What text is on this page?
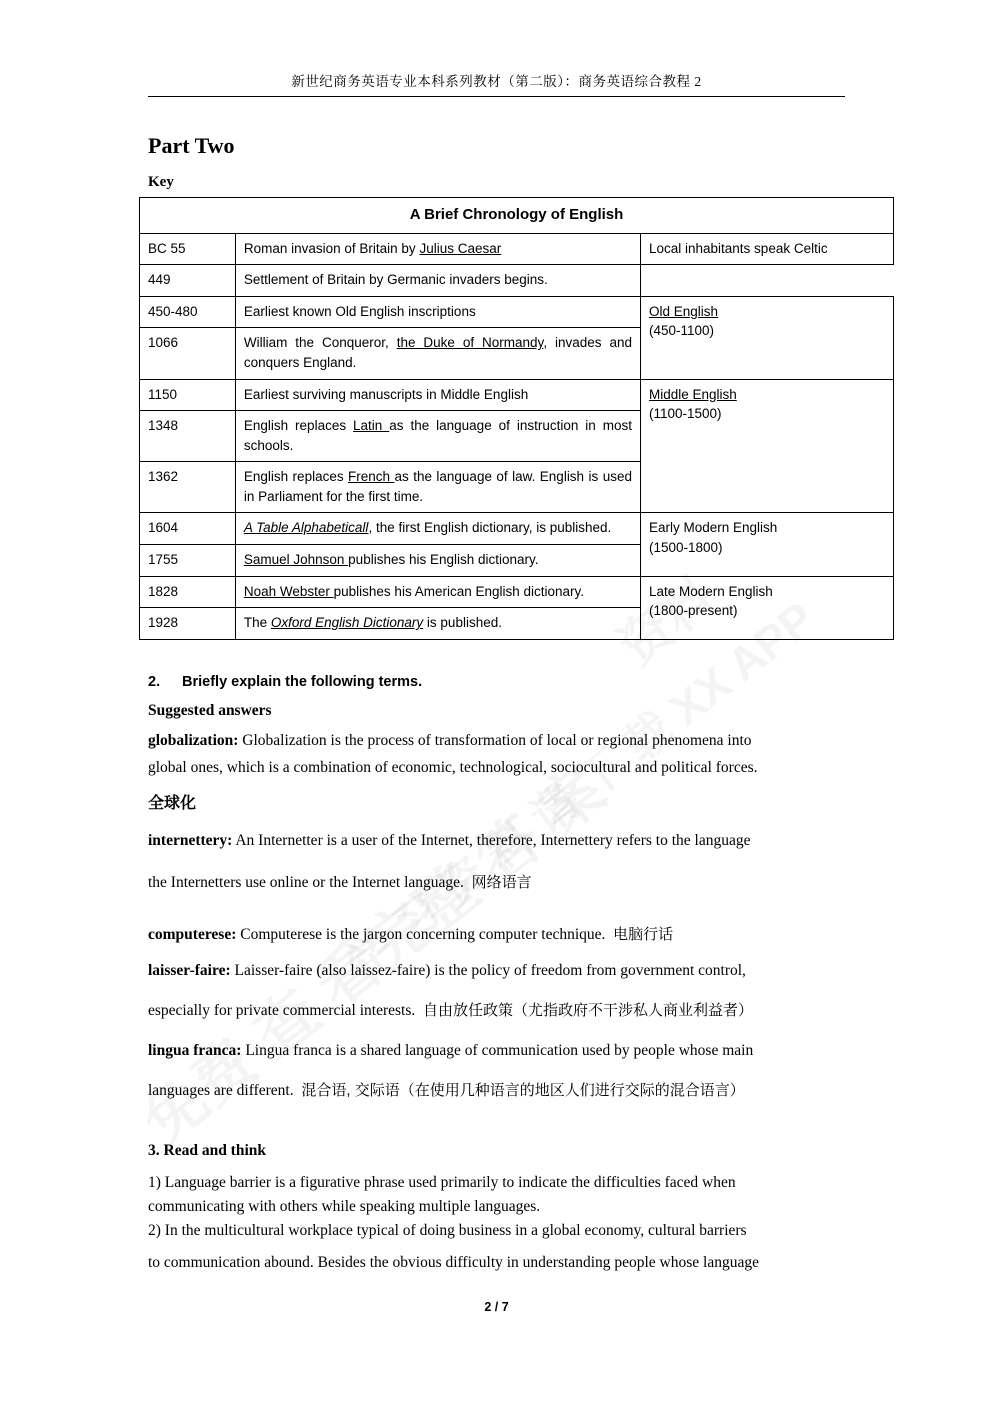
新世纪商务英语专业本科系列教材（第二版）：商务英语综合教程 2
Part Two
Key
A Brief Chronology of English		
BC 55	Roman invasion of Britain by Julius Caesar	Local inhabitants speak Celtic
449	Settlement of Britain by Germanic invaders begins.	
450-480	Earliest known Old English inscriptions	Old English
(450-1100)

1066	William the Conqueror, the Duke of Normandy, invades and conquers England.	
1150	Earliest surviving manuscripts in Middle English	Middle English
(1100-1500)

1348	English replaces Latin as the language of instruction in most schools.	
1362	English replaces French as the language of law. English is used in Parliament for the first time.	
1604	A Table Alphabeticall, the first English dictionary, is published.	Early Modern English
(1500-1800)

1755	Samuel Johnson publishes his English dictionary.	
1828	Noah Webster publishes his American English dictionary.	Late Modern English
(1800-present)

1928	The Oxford English Dictionary is published.	
2. Briefly explain the following terms.
Suggested answers
globalization: Globalization is the process of transformation of local or regional phenomena into
global ones, which is a combination of economic, technological, sociocultural and political forces.
全球化
internettery: An Internetter is a user of the Internet, therefore, Internettery refers to the language
the Internetters use online or the Internet language. 网络语言
computerese: Computerese is the jargon concerning computer technique. 电脑行话
laisser-faire: Laisser-faire (also laissez-faire) is the policy of freedom from government control,
especially for private commercial interests. 自由放任政策（尤指政府不干涉私人商业利益者）
lingua franca: Lingua franca is a shared language of communication used by people whose main
languages are different. 混合语, 交际语（在使用几种语言的地区人们进行交际的混合语言）
3. Read and think
1) Language barrier is a figurative phrase used primarily to indicate the difficulties faced when
communicating with others while speaking multiple languages.
2) In the multicultural workplace typical of doing business in a global economy, cultural barriers
to communication abound. Besides the obvious difficulty in understanding people whose language
2 / 7
